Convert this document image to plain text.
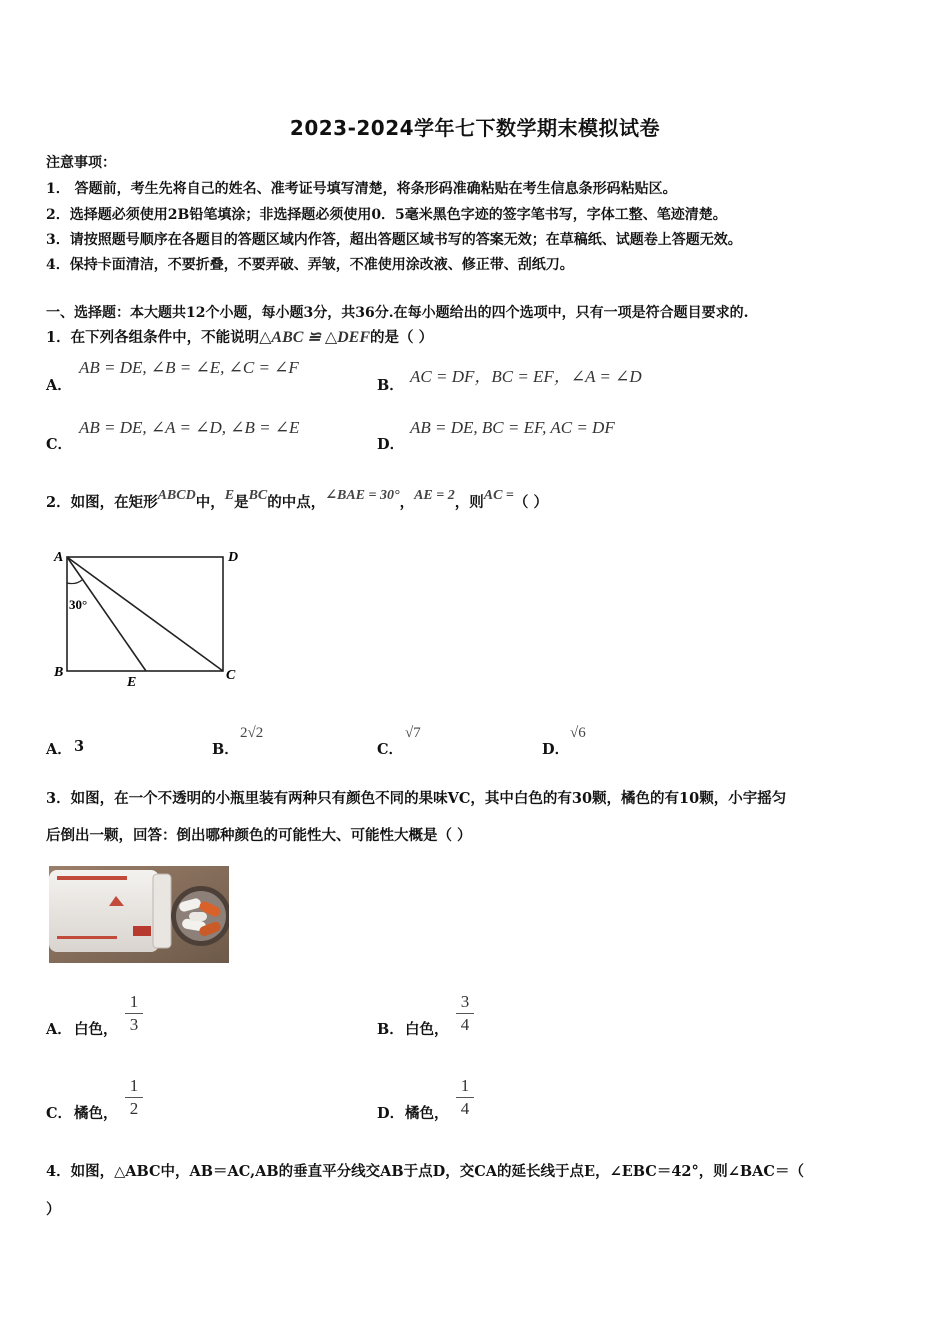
2023-2024学年七下数学期末模拟试卷
注意事项：
1． 答题前，考生先将自己的姓名、准考证号填写清楚，将条形码准确粘贴在考生信息条形码粘贴区。
2．选择题必须使用2B铅笔填涂；非选择题必须使用0．5毫米黑色字迹的签字笔书写，字体工整、笔迹清楚。
3．请按照题号顺序在各题目的答题区域内作答，超出答题区域书写的答案无效；在草稿纸、试题卷上答题无效。
4．保持卡面清洁，不要折叠，不要弄破、弄皱，不准使用涂改液、修正带、刮纸刀。
一、选择题：本大题共12个小题，每小题3分，共36分.在每小题给出的四个选项中，只有一项是符合题目要求的.
1．在下列各组条件中，不能说明△ABC ≌ △DEF的是（ ）
A．
AB = DE, ∠B = ∠E, ∠C = ∠F
B． AC = DF，BC = EF，∠A = ∠D
C．
AB = DE, ∠A = ∠D, ∠B = ∠E
D．
AB = DE, BC = EF, AC = DF
2．如图，在矩形ABCD中，E是BC的中点，∠BAE = 30°，AE = 2，则AC =（ ）
A	D
B	C
E
30°
A． 3	B．
2√2
C．
√7
D．
√6
3．如图，在一个不透明的小瓶里装有两种只有颜色不同的果味VC，其中白色的有30颗，橘色的有10颗，小宇摇匀
后倒出一颗，回答：倒出哪种颜色的可能性大、可能性大概是（ ）
A． 白色，
1
3	B． 白色，
3
4
C． 橘色，
1
2	D． 橘色，
1
4
4．如图，△ABC中，AB＝AC,AB的垂直平分线交AB于点D，交CA的延长线于点E，∠EBC＝42°，则∠BAC＝（
）
